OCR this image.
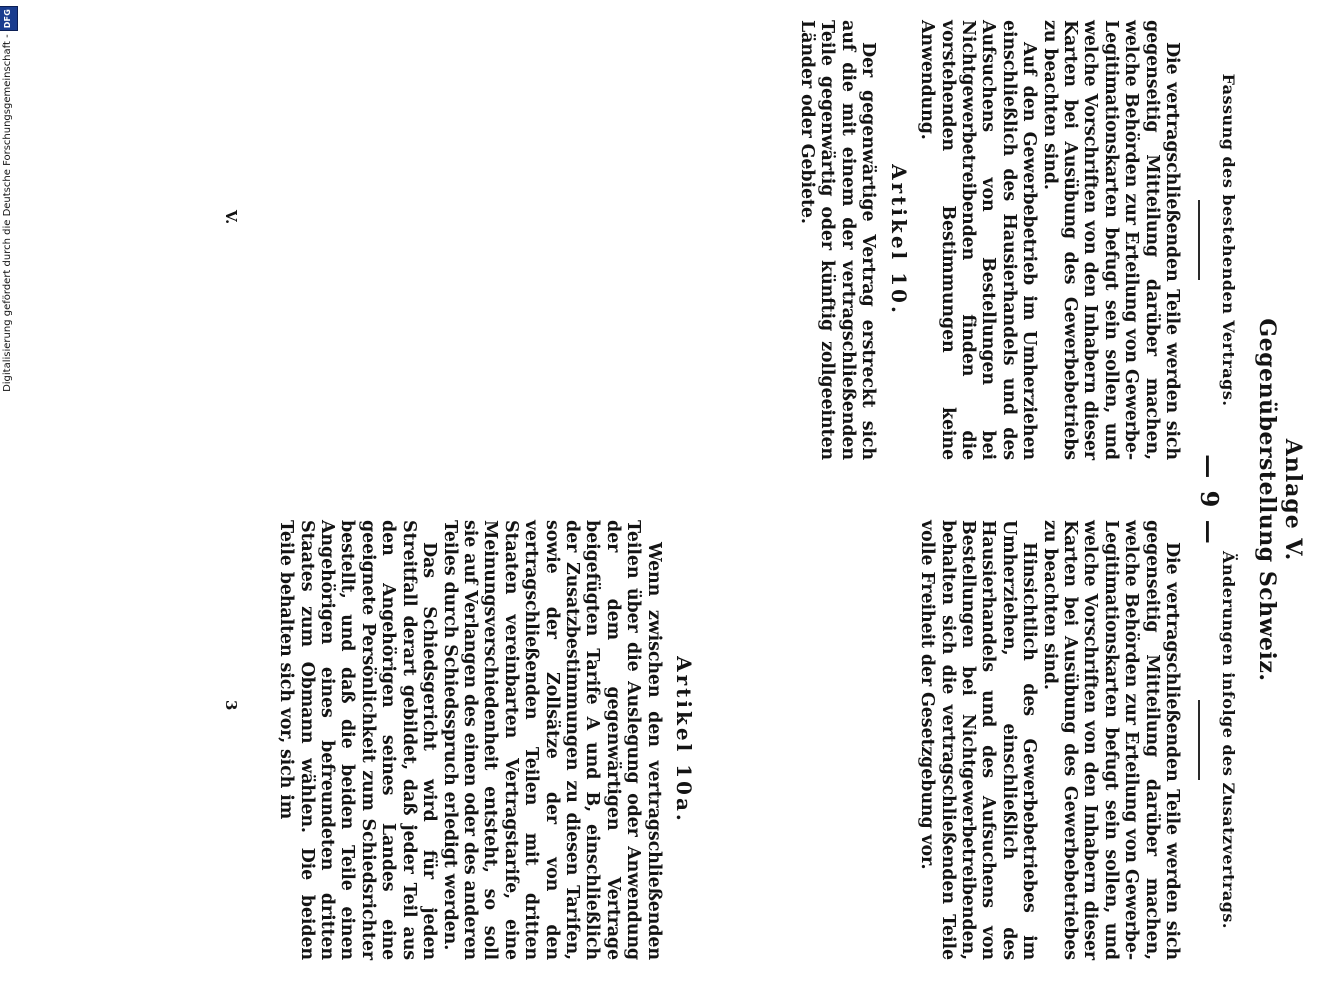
Anlage V.
Gegenüberstellung Schweiz.
— 9 —
Fassung des bestehenden Vertrags.

Die vertragschließenden Teile werden sich gegenseitig Mitteilung darüber machen, welche Behörden zur Erteilung von Gewerbe-Legitimationskarten befugt sein sollen, und welche Vorschriften von den Inhabern dieser Karten bei Ausübung des Gewerbebetriebs zu beachten sind.

Auf den Gewerbebetrieb im Umherziehen einschließlich des Hausierhandels und des Aufsuchens von Bestellungen bei Nichtgewerbetreibenden finden die vorstehenden Bestimmungen keine Anwendung.

Artikel 10.

Der gegenwärtige Vertrag erstreckt sich auf die mit einem der vertragschließenden Teile gegenwärtig oder künftig zollgeeinten Länder oder Gebiete.

Änderungen infolge des Zusatzvertrags.

Die vertragschließenden Teile werden sich gegenseitig Mitteilung darüber machen, welche Behörden zur Erteilung von Gewerbe-Legitimationskarten befugt sein sollen, und welche Vorschriften von den Inhabern dieser Karten bei Ausübung des Gewerbebetriebes zu beachten sind.

Hinsichtlich des Gewerbebetriebes im Umherziehen, einschließlich des Hausierhandels und des Aufsuchens von Bestellungen bei Nichtgewerbetreibenden, behalten sich die vertragschließenden Teile volle Freiheit der Gesetzgebung vor.

Artikel 10a.

Wenn zwischen den vertragschließenden Teilen über die Auslegung oder Anwendung der dem gegenwärtigen Vertrage beigefügten Tarife A und B, einschließlich der Zusatzbestimmungen zu diesen Tarifen, sowie der Zollsätze der von den vertragschließenden Teilen mit dritten Staaten vereinbarten Vertragstarife, eine Meinungsverschiedenheit entsteht, so soll sie auf Verlangen des einen oder des anderen Teiles durch Schiedsspruch erledigt werden.

Das Schiedsgericht wird für jeden Streitfall derart gebildet, daß jeder Teil aus den Angehörigen seines Landes eine geeignete Persönlichkeit zum Schiedsrichter bestellt, und daß die beiden Teile einen Angehörigen eines befreundeten dritten Staates zum Obmann wählen. Die beiden Teile behalten sich vor, sich im

V.
3
Digitalisierung gefördert durch die Deutsche Forschungsgemeinschaft -
DFG
